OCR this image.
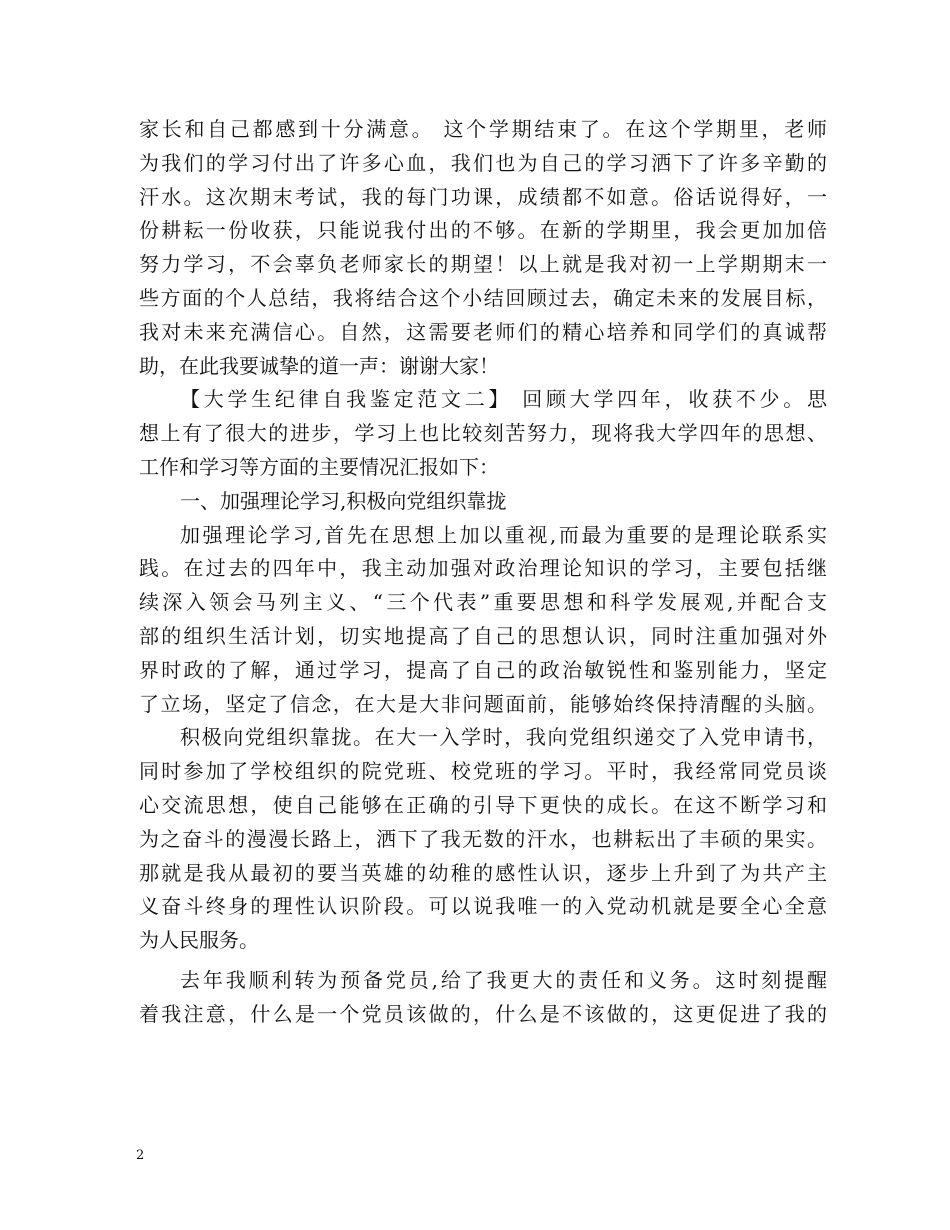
家长和自己都感到十分满意。 这个学期结束了。在这个学期里，老师
为我们的学习付出了许多心血，我们也为自己的学习洒下了许多辛勤的
汗水。这次期末考试，我的每门功课，成绩都不如意。俗话说得好，一
份耕耘一份收获，只能说我付出的不够。在新的学期里，我会更加加倍
努力学习，不会辜负老师家长的期望！以上就是我对初一上学期期末一
些方面的个人总结，我将结合这个小结回顾过去，确定未来的发展目标，
我对未来充满信心。自然，这需要老师们的精心培养和同学们的真诚帮
助，在此我要诚挚的道一声：谢谢大家！
【大学生纪律自我鉴定范文二】 回顾大学四年，收获不少。思
想上有了很大的进步，学习上也比较刻苦努力，现将我大学四年的思想、
工作和学习等方面的主要情况汇报如下：
一、加强理论学习,积极向党组织靠拢
加强理论学习,首先在思想上加以重视,而最为重要的是理论联系实
践。在过去的四年中，我主动加强对政治理论知识的学习，主要包括继
续深入领会马列主义、“三个代表”重要思想和科学发展观,并配合支
部的组织生活计划，切实地提高了自己的思想认识，同时注重加强对外
界时政的了解，通过学习，提高了自己的政治敏锐性和鉴别能力，坚定
了立场，坚定了信念，在大是大非问题面前，能够始终保持清醒的头脑。
积极向党组织靠拢。在大一入学时，我向党组织递交了入党申请书，
同时参加了学校组织的院党班、校党班的学习。平时，我经常同党员谈
心交流思想，使自己能够在正确的引导下更快的成长。在这不断学习和
为之奋斗的漫漫长路上，洒下了我无数的汗水，也耕耘出了丰硕的果实。
那就是我从最初的要当英雄的幼稚的感性认识，逐步上升到了为共产主
义奋斗终身的理性认识阶段。可以说我唯一的入党动机就是要全心全意
为人民服务。
去年我顺利转为预备党员,给了我更大的责任和义务。这时刻提醒
着我注意，什么是一个党员该做的，什么是不该做的，这更促进了我的
2
